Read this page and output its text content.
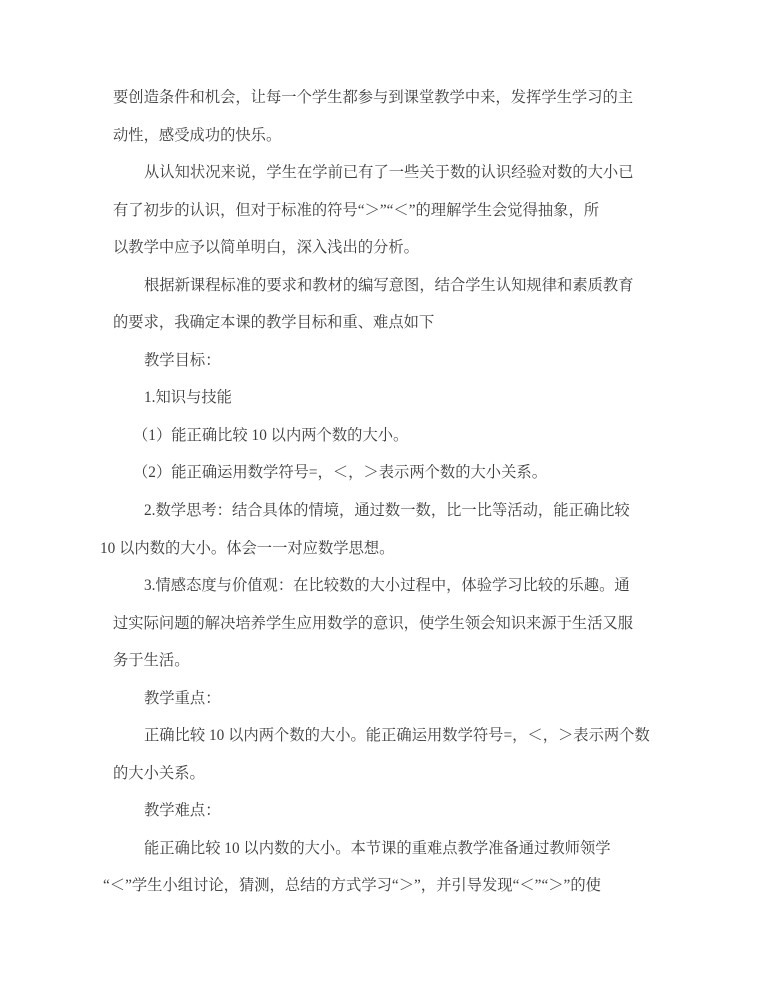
要创造条件和机会，让每一个学生都参与到课堂教学中来，发挥学生学习的主
动性，感受成功的快乐。
从认知状况来说，学生在学前已有了一些关于数的认识经验对数的大小已
有了初步的认识，但对于标准的符号“＞”“＜”的理解学生会觉得抽象，所
以教学中应予以简单明白，深入浅出的分析。
根据新课程标准的要求和教材的编写意图，结合学生认知规律和素质教育
的要求，我确定本课的教学目标和重、难点如下
教学目标：
1.知识与技能
（1）能正确比较 10 以内两个数的大小。
（2）能正确运用数学符号=，＜，＞表示两个数的大小关系。
2.数学思考：结合具体的情境，通过数一数，比一比等活动，能正确比较
10 以内数的大小。体会一一对应数学思想。
3.情感态度与价值观：在比较数的大小过程中，体验学习比较的乐趣。通
过实际问题的解决培养学生应用数学的意识，使学生领会知识来源于生活又服
务于生活。
教学重点：
正确比较 10 以内两个数的大小。能正确运用数学符号=，＜，＞表示两个数
的大小关系。
教学难点：
能正确比较 10 以内数的大小。本节课的重难点教学准备通过教师领学
“＜”学生小组讨论，猜测，总结的方式学习“＞”，并引导发现“＜”“＞”的使
